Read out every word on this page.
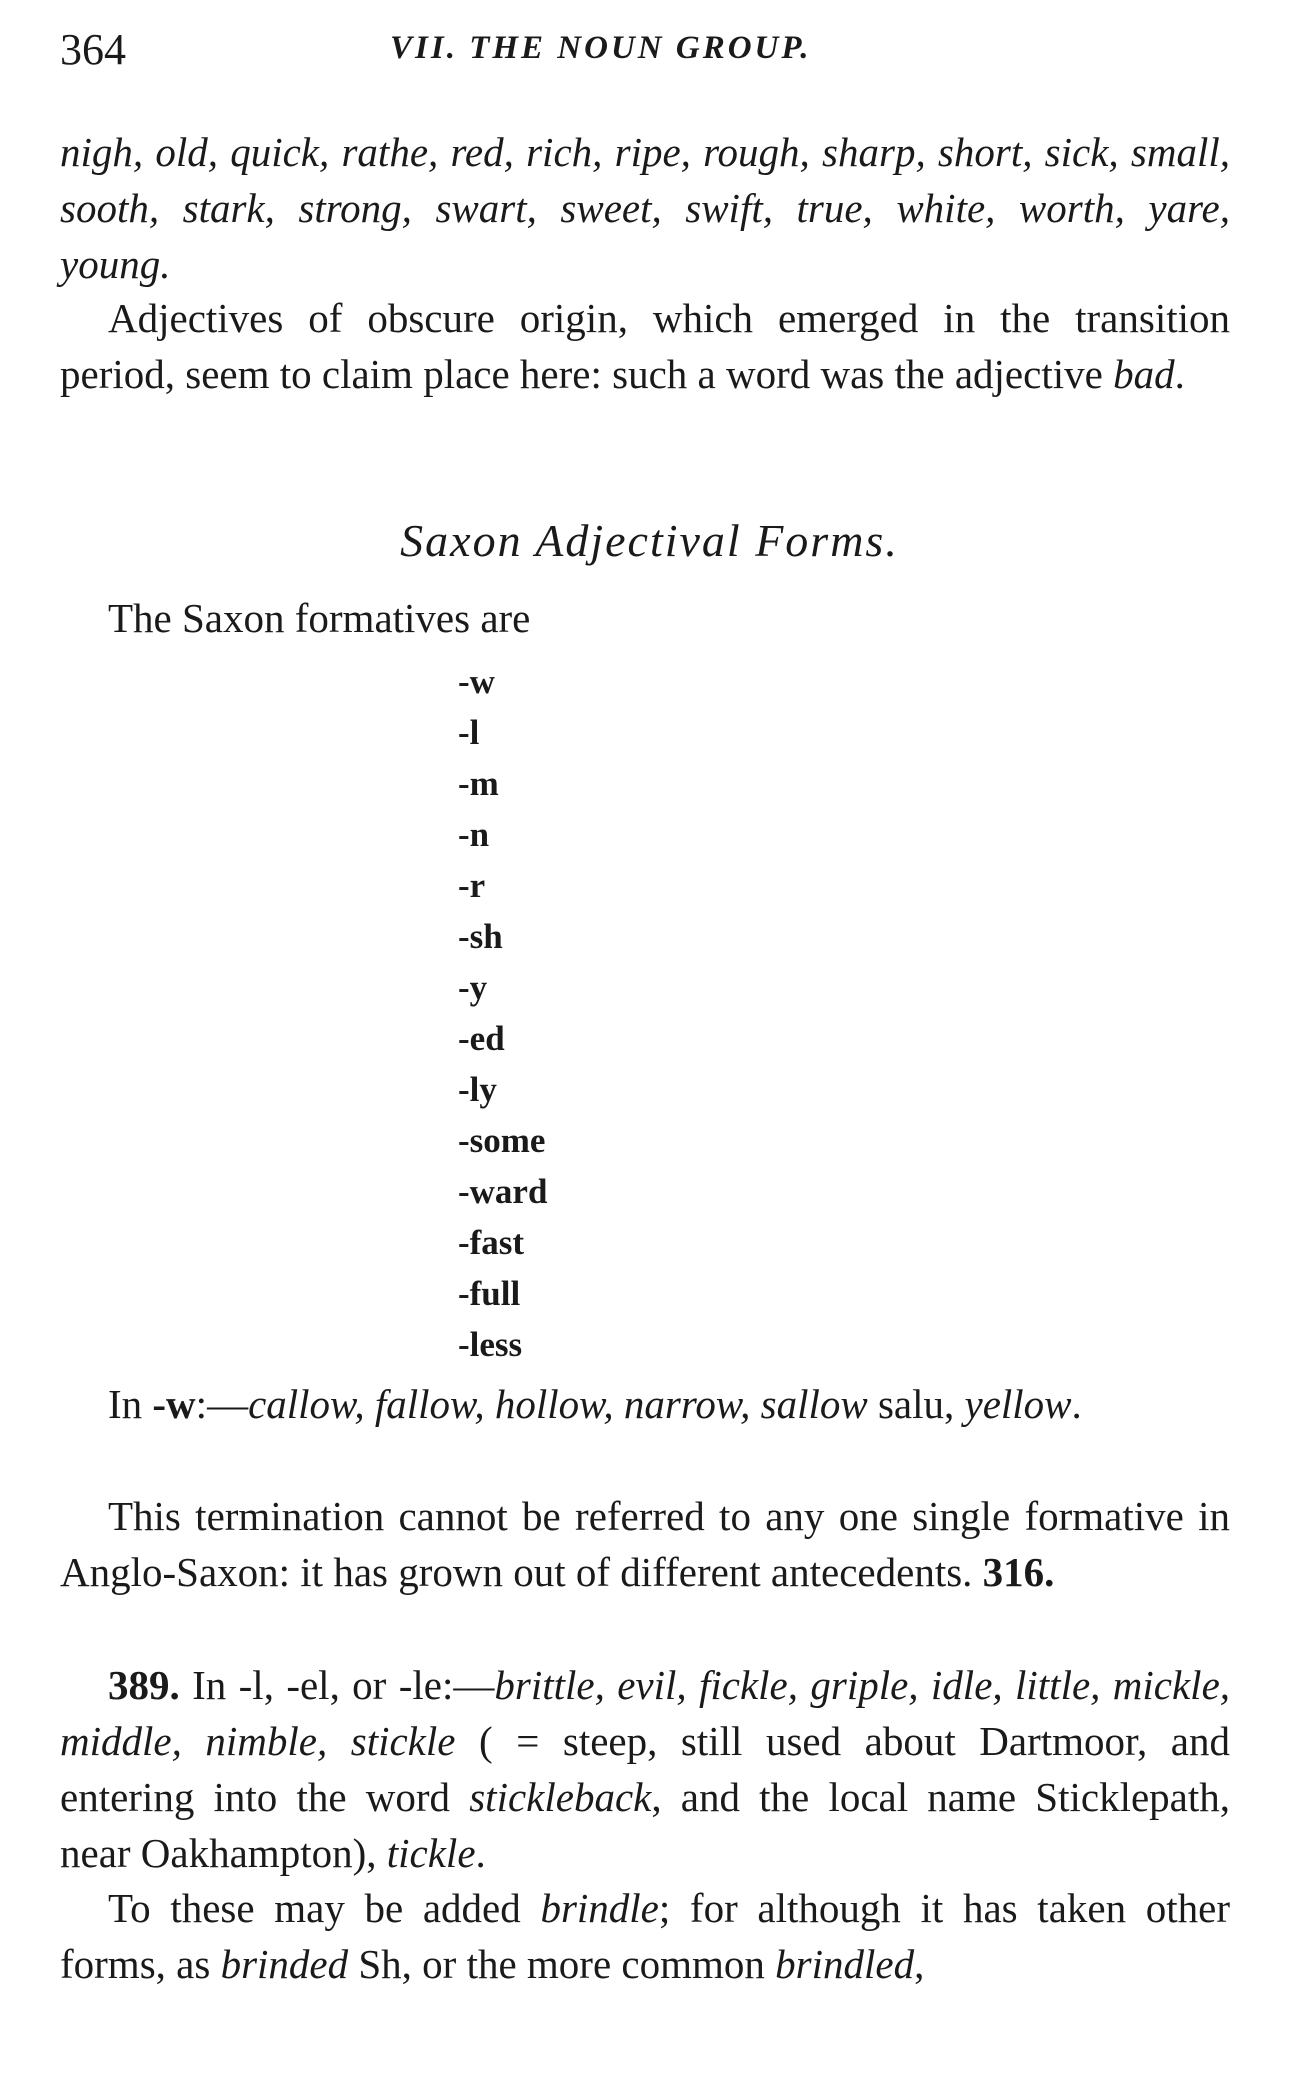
364	VII. THE NOUN GROUP.

nigh, old, quick, rathe, red, rich, ripe, rough, sharp, short, sick, small, sooth, stark, strong, swart, sweet, swift, true, white, worth, yare, young.

Adjectives of obscure origin, which emerged in the transition period, seem to claim place here: such a word was the adjective bad.

Saxon Adjectival Forms.

The Saxon formatives are

-w
-l
-m
-n
-r
-sh
-y
-ed
-ly
-some
-ward
-fast
-full
-less

In -w:—callow, fallow, hollow, narrow, sallow salu, yellow.

This termination cannot be referred to any one single formative in Anglo-Saxon: it has grown out of different antecedents. 316.

389. In -l, -el, or -le:—brittle, evil, fickle, griple, idle, little, mickle, middle, nimble, stickle ( = steep, still used about Dartmoor, and entering into the word stickleback, and the local name Sticklepath, near Oakhampton), tickle.

To these may be added brindle; for although it has taken other forms, as brinded Sh, or the more common brindled,
